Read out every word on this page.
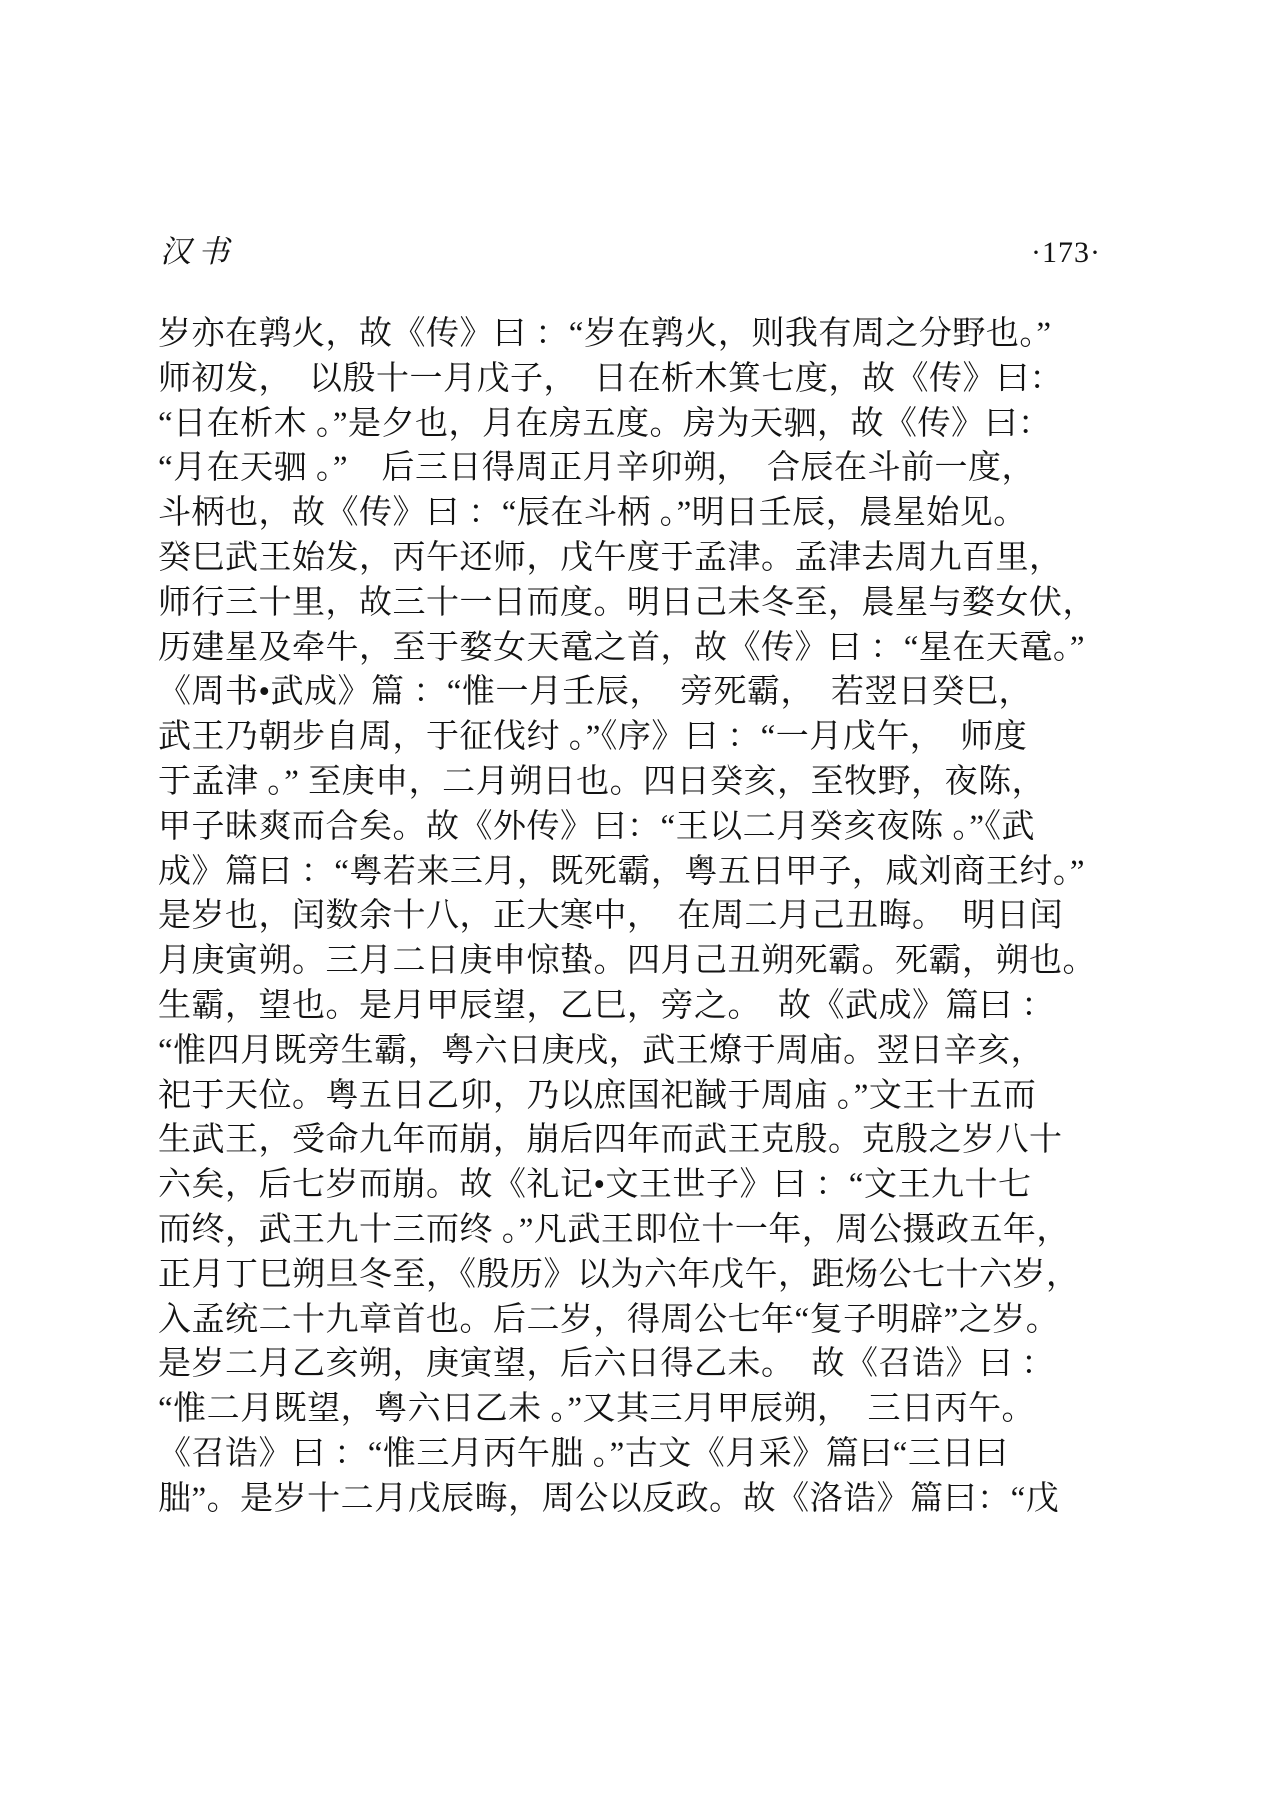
汉书	·173·
岁亦在鹑火，故《传》曰 ：“岁在鹑火，则我有周之分野也。”
师初发，　以殷十一月戊子，　日在析木箕七度，故《传》曰：
“日在析木 。”是夕也，月在房五度。房为天驷，故《传》曰：
“月在天驷 。”　后三日得周正月辛卯朔，　合辰在斗前一度，
斗柄也，故《传》曰 ：“辰在斗柄 。”明日壬辰，晨星始见。
癸巳武王始发，丙午还师，戊午度于孟津。孟津去周九百里，
师行三十里，故三十一日而度。明日己未冬至，晨星与婺女伏，
历建星及牵牛，至于婺女天鼋之首，故《传》曰 ：“星在天鼋。”
《周书•武成》篇 ：“惟一月壬辰，　旁死霸，　若翌日癸巳，
武王乃朝步自周，于征伐纣 。”《序》曰 ：“一月戊午，　师度
于孟津 。” 至庚申，二月朔日也。四日癸亥，至牧野，夜陈，
甲子昧爽而合矣。故《外传》曰：“王以二月癸亥夜陈 。”《武
成》篇曰 ：“粤若来三月，既死霸，粤五日甲子，咸刘商王纣。”
是岁也，闰数余十八，正大寒中，　在周二月己丑晦。　明日闰
月庚寅朔。三月二日庚申惊蛰。四月己丑朔死霸。死霸，朔也。
生霸，望也。是月甲辰望，乙巳，旁之。　故《武成》篇曰 ：
“惟四月既旁生霸，粤六日庚戌，武王燎于周庙。翌日辛亥，
祀于天位。粤五日乙卯，乃以庶国祀馘于周庙 。”文王十五而
生武王，受命九年而崩，崩后四年而武王克殷。克殷之岁八十
六矣，后七岁而崩。故《礼记•文王世子》曰 ：“文王九十七
而终，武王九十三而终 。”凡武王即位十一年，周公摄政五年，
正月丁巳朔旦冬至，《殷历》以为六年戊午，距炀公七十六岁，
入孟统二十九章首也。后二岁，得周公七年“复子明辟”之岁。
是岁二月乙亥朔，庚寅望，后六日得乙未。　故《召诰》曰 ：
“惟二月既望，粤六日乙未 。”又其三月甲辰朔，　三日丙午。
《召诰》曰 ：“惟三月丙午朏 。”古文《月采》篇曰“三日曰
朏”。是岁十二月戊辰晦，周公以反政。故《洛诰》篇曰：“戊
